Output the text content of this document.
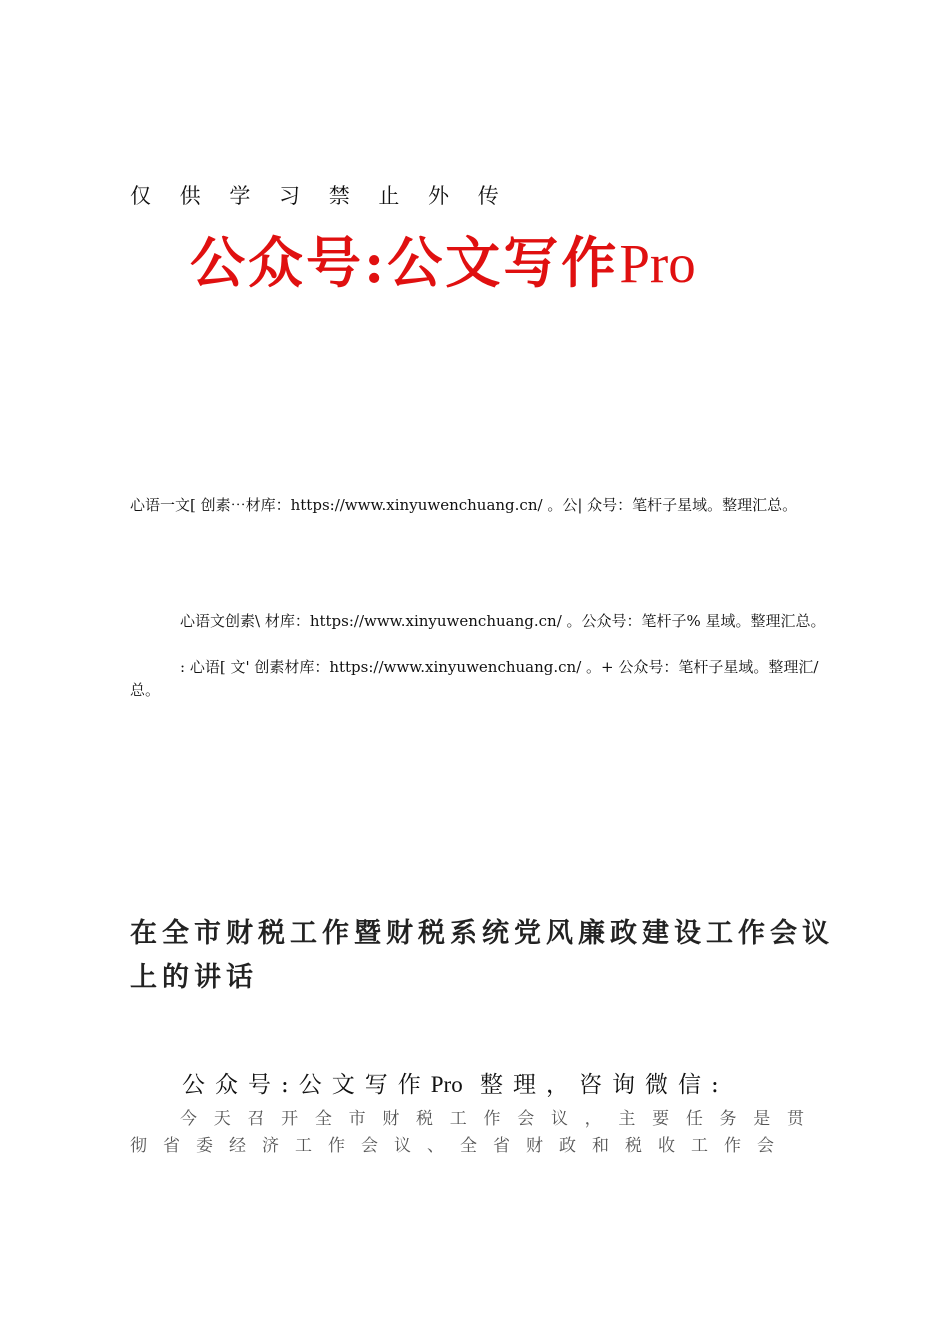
仅 供 学 习 禁 止 外 传
公众号:公文写作Pro
心语一文[ 创素⋯材库：https://www.xinyuwenchuang.cn/ 。公| 众号：笔杆子星域。整理汇总。
心语文创素\ 材库：https://www.xinyuwenchuang.cn/ 。公众号：笔杆子% 星域。整理汇总。
: 心语[ 文' 创素材库：https://www.xinyuwenchuang.cn/ 。+ 公众号：笔杆子星域。整理汇/ 总。
在全市财税工作暨财税系统党风廉政建设工作会议上的讲话
公众号:公文写作Pro 整理，咨询微信:
今天召开全市财税工作会议，主要任务是贯彻省委经济工作会议、全省财政和税收工作会
